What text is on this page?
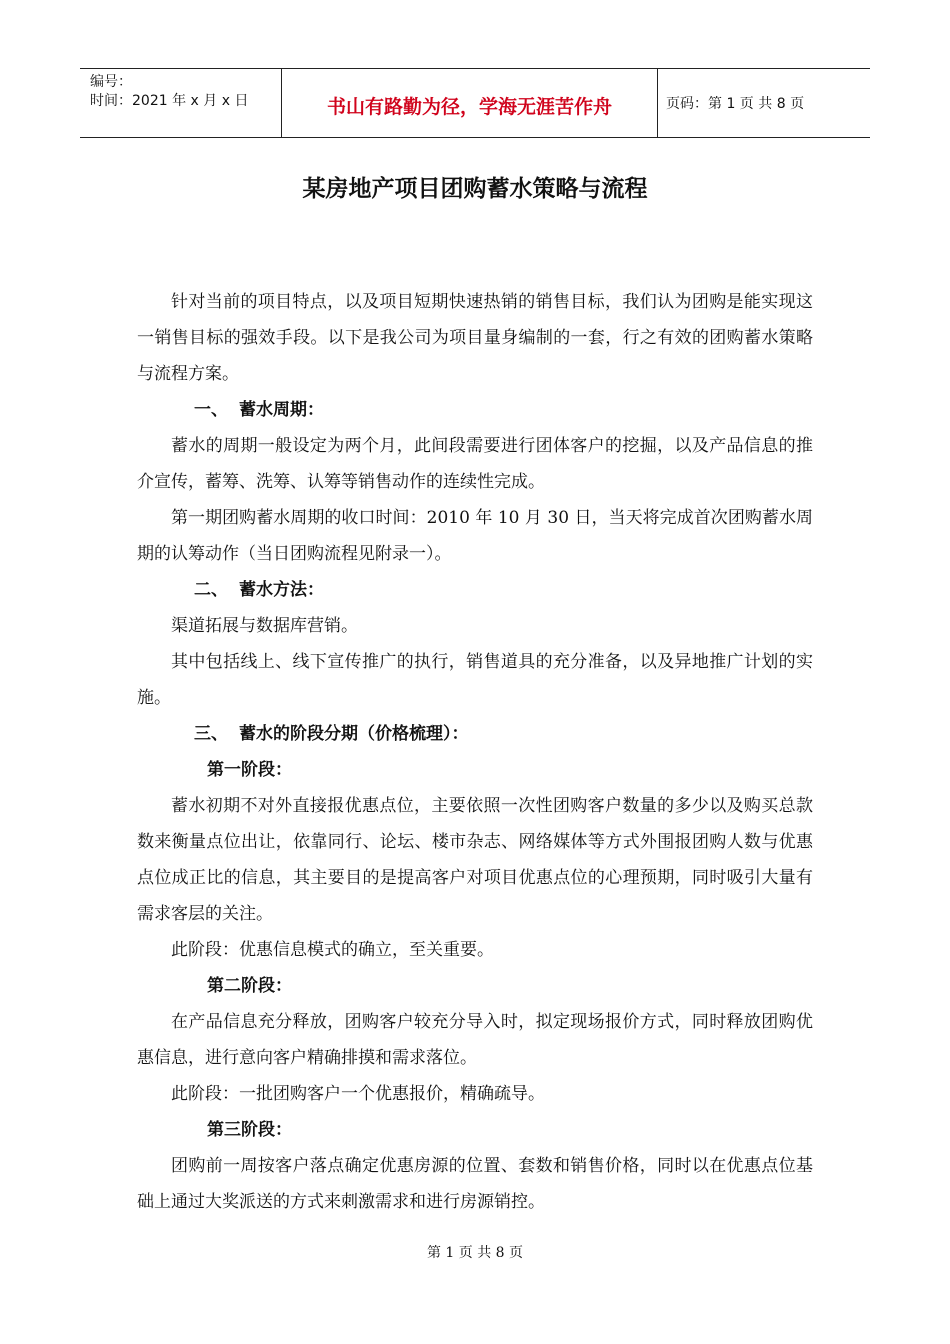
编号：
时间：2021 年 x 月 x 日	书山有路勤为径，学海无涯苦作舟	页码：第 1 页 共 8 页
某房地产项目团购蓄水策略与流程

针对当前的项目特点，以及项目短期快速热销的销售目标，我们认为团购是能实现这一销售目标的强效手段。以下是我公司为项目量身编制的一套，行之有效的团购蓄水策略与流程方案。

一、 蓄水周期：

蓄水的周期一般设定为两个月，此间段需要进行团体客户的挖掘，以及产品信息的推介宣传，蓄筹、洗筹、认筹等销售动作的连续性完成。

第一期团购蓄水周期的收口时间：2010 年 10 月 30 日，当天将完成首次团购蓄水周期的认筹动作（当日团购流程见附录一）。

二、 蓄水方法：

渠道拓展与数据库营销。

其中包括线上、线下宣传推广的执行，销售道具的充分准备，以及异地推广计划的实施。

三、 蓄水的阶段分期（价格梳理）：

第一阶段：

蓄水初期不对外直接报优惠点位，主要依照一次性团购客户数量的多少以及购买总款数来衡量点位出让，依靠同行、论坛、楼市杂志、网络媒体等方式外围报团购人数与优惠点位成正比的信息，其主要目的是提高客户对项目优惠点位的心理预期，同时吸引大量有需求客层的关注。

此阶段：优惠信息模式的确立，至关重要。

第二阶段：

在产品信息充分释放，团购客户较充分导入时，拟定现场报价方式，同时释放团购优惠信息，进行意向客户精确排摸和需求落位。

此阶段：一批团购客户一个优惠报价，精确疏导。

第三阶段：

团购前一周按客户落点确定优惠房源的位置、套数和销售价格，同时以在优惠点位基础上通过大奖派送的方式来刺激需求和进行房源销控。

第 1 页 共 8 页
